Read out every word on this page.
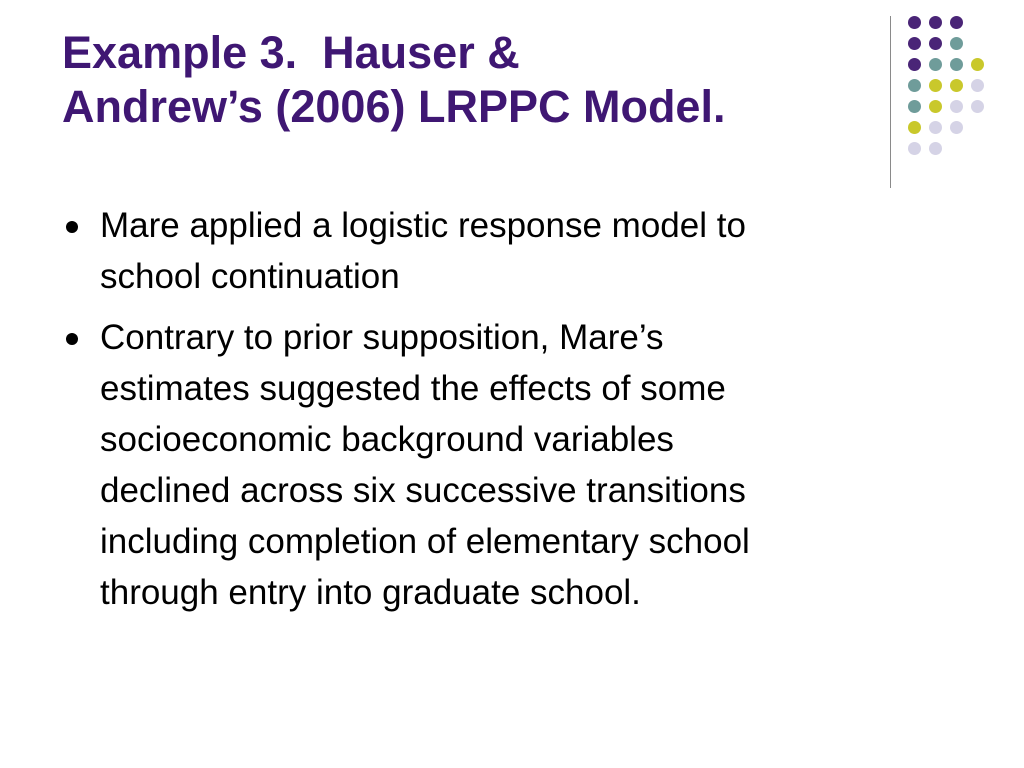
Example 3.  Hauser &
Andrew’s (2006) LRPPC Model.
Mare applied a logistic response model to
school continuation
Contrary to prior supposition, Mare’s
estimates suggested the effects of some
socioeconomic background variables
declined across six successive transitions
including completion of elementary school
through entry into graduate school.
